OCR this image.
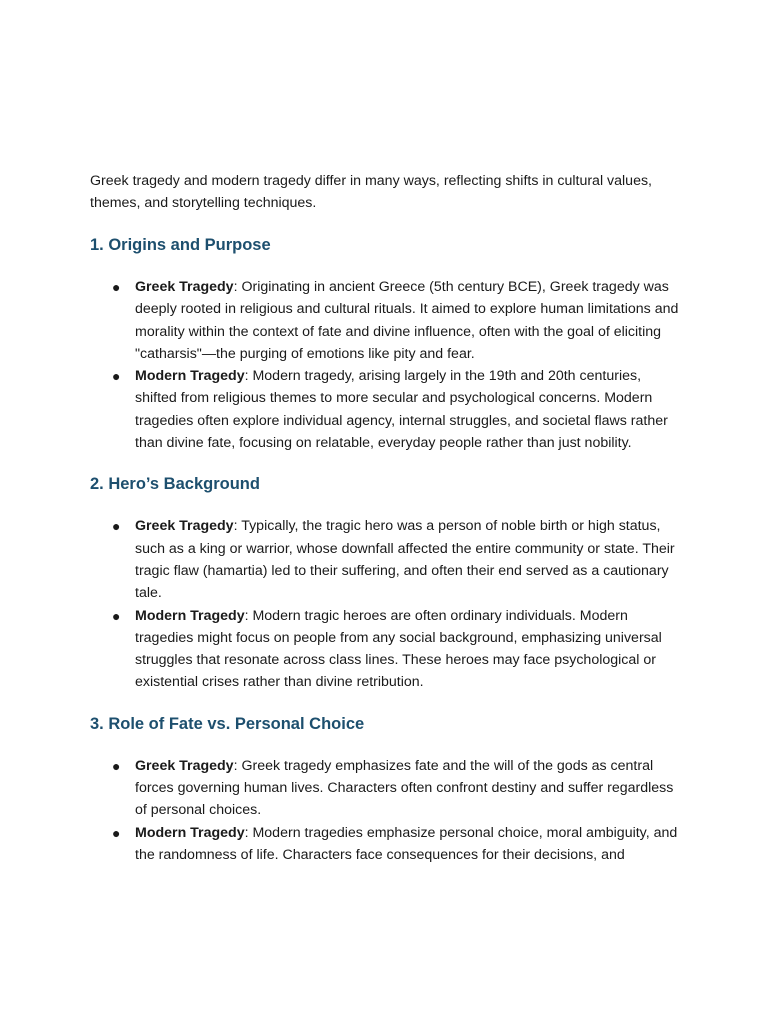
Greek tragedy and modern tragedy differ in many ways, reflecting shifts in cultural values, themes, and storytelling techniques.

1. Origins and Purpose
● Greek Tragedy: Originating in ancient Greece (5th century BCE), Greek tragedy was deeply rooted in religious and cultural rituals. It aimed to explore human limitations and morality within the context of fate and divine influence, often with the goal of eliciting "catharsis"—the purging of emotions like pity and fear.
● Modern Tragedy: Modern tragedy, arising largely in the 19th and 20th centuries, shifted from religious themes to more secular and psychological concerns. Modern tragedies often explore individual agency, internal struggles, and societal flaws rather than divine fate, focusing on relatable, everyday people rather than just nobility.
2. Hero’s Background
● Greek Tragedy: Typically, the tragic hero was a person of noble birth or high status, such as a king or warrior, whose downfall affected the entire community or state. Their tragic flaw (hamartia) led to their suffering, and often their end served as a cautionary tale.
● Modern Tragedy: Modern tragic heroes are often ordinary individuals. Modern tragedies might focus on people from any social background, emphasizing universal struggles that resonate across class lines. These heroes may face psychological or existential crises rather than divine retribution.
3. Role of Fate vs. Personal Choice
● Greek Tragedy: Greek tragedy emphasizes fate and the will of the gods as central forces governing human lives. Characters often confront destiny and suffer regardless of personal choices.
● Modern Tragedy: Modern tragedies emphasize personal choice, moral ambiguity, and the randomness of life. Characters face consequences for their decisions, and
